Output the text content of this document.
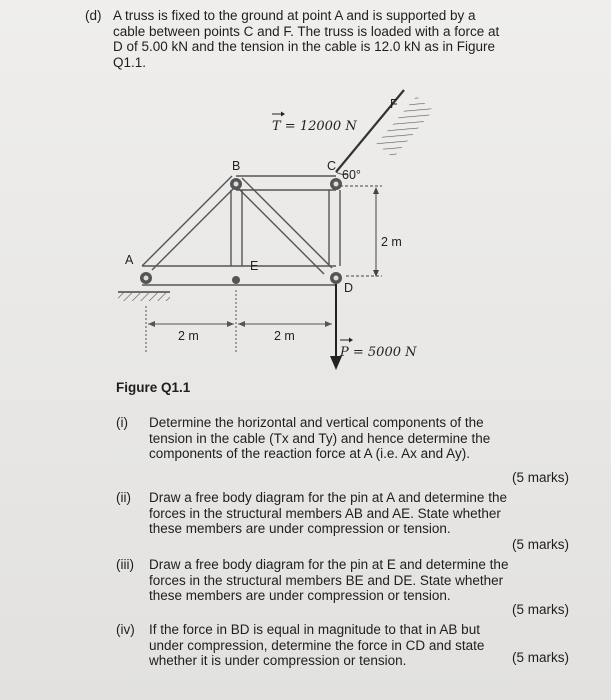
(d) A truss is fixed to the ground at point A and is supported by a cable between points C and F. The truss is loaded with a force at D of 5.00 kN and the tension in the cable is 12.0 kN as in Figure Q1.1.
A
B	C
D
E
F
60°
2 m
2 m	2 m
T = 12000 N
P = 5000 N
Figure Q1.1
(i)	Determine the horizontal and vertical components of the tension in the cable (Tx and Ty) and hence determine the components of the reaction force at A (i.e. Ax and Ay).
(5 marks)
(ii)	Draw a free body diagram for the pin at A and determine the forces in the structural members AB and AE. State whether these members are under compression or tension.
(5 marks)
(iii)	Draw a free body diagram for the pin at E and determine the forces in the structural members BE and DE. State whether these members are under compression or tension.
(5 marks)
(iv)	If the force in BD is equal in magnitude to that in AB but under compression, determine the force in CD and state whether it is under compression or tension.	(5 marks)
